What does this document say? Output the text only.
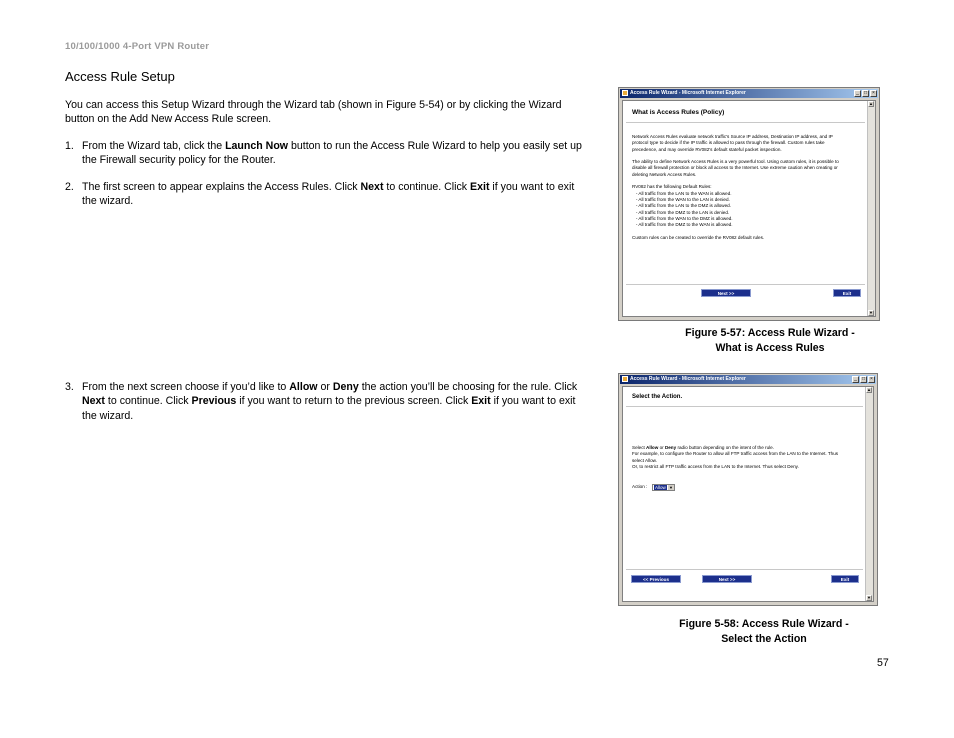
10/100/1000 4-Port VPN Router
Access Rule Setup
You can access this Setup Wizard through the Wizard tab (shown in Figure 5-54) or by clicking the Wizard button on the Add New Access Rule screen.
1. From the Wizard tab, click the Launch Now button to run the Access Rule Wizard to help you easily set up the Firewall security policy for the Router.
2. The first screen to appear explains the Access Rules. Click Next to continue. Click Exit if you want to exit the wizard.
3. From the next screen choose if you’d like to Allow or Deny the action you’ll be choosing for the rule. Click Next to continue. Click Previous if you want to return to the previous screen. Click Exit if you want to exit the wizard.
Access Rule Wizard - Microsoft Internet Explorer	_	□	×
What is Access Rules (Policy)
Network Access Rules evaluate network traffic's Source IP address, Destination IP address, and IP
protocol type to decide if the IP traffic is allowed to pass through the firewall. Custom rules take
precedence, and may override RV082's default stateful packet inspection.
The ability to define Network Access Rules is a very powerful tool. Using custom rules, it is possible to
disable all firewall protection or block all access to the Internet. Use extreme caution when creating or
deleting Network Access Rules.
RV082 has the following Default Rules:
- All traffic from the LAN to the WAN is allowed.
- All traffic from the WAN to the LAN is denied.
- All traffic from the LAN to the DMZ is allowed.
- All traffic from the DMZ to the LAN is denied.
- All traffic from the WAN to the DMZ is allowed.
- All traffic from the DMZ to the WAN is allowed.
Custom rules can be created to override the RV082 default rules.
Next >>	Exit
▲
▼
Figure 5-57: Access Rule Wizard -
What is Access Rules
Access Rule Wizard - Microsoft Internet Explorer	_	□	×
Select the Action.
Select Allow or Deny radio button depending on the intent of the rule.
For example, to configure the Router to allow all FTP traffic access from the LAN to the Internet. Thus
select Allow.
Or, to restrict all FTP traffic access from the LAN to the Internet. Thus select Deny.
Action : Allow ▼
<< Previous	Next >>	Exit
▲
▼
Figure 5-58: Access Rule Wizard -
Select the Action
57
